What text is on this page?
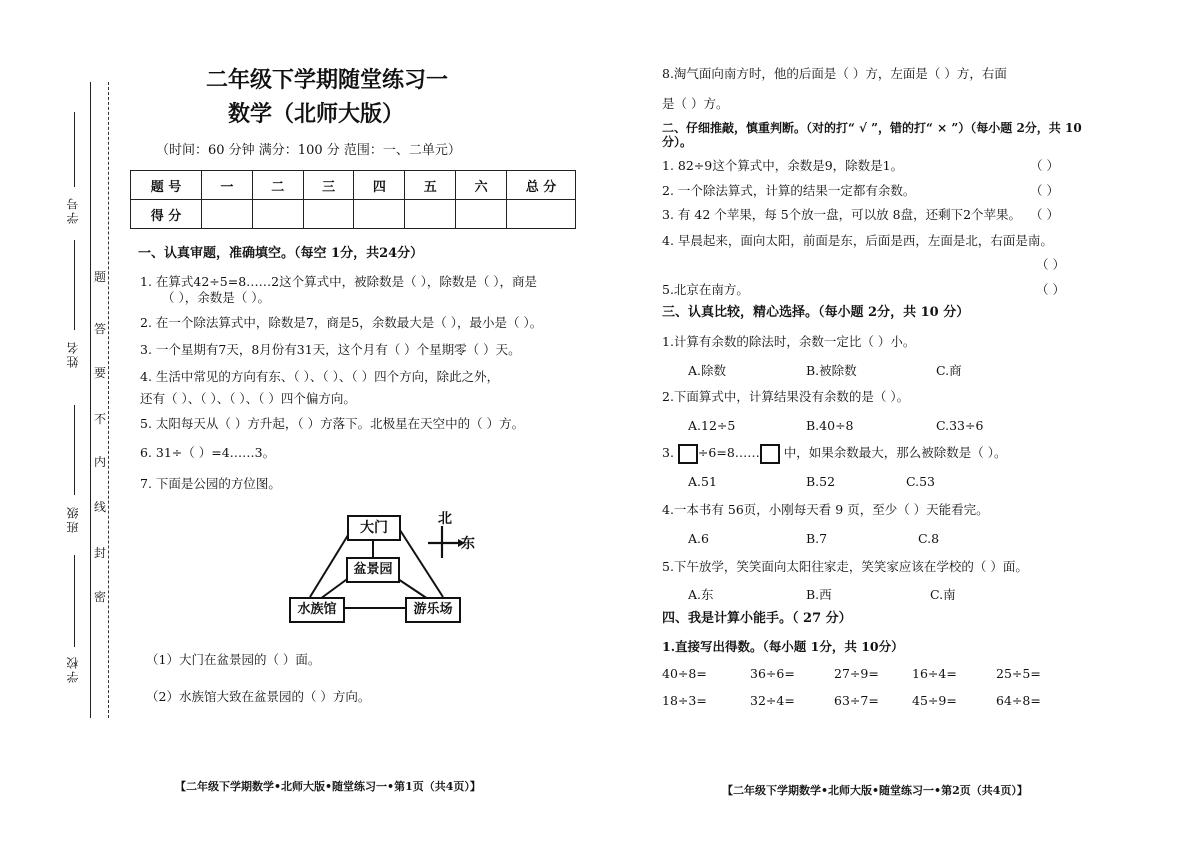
学号
姓名
班级
学校
题
答
要
不
内
线
封
密
二年级下学期随堂练习一
数学（北师大版）
（时间：60 分钟 满分：100 分 范围：一、二单元）
题 号	一	二	三	四	五	六	总 分
得 分							
一、认真审题，准确填空。（每空 1分，共24分）
1. 在算式42÷5=8……2这个算式中，被除数是（ ），除数是（ ），商是
（ ），余数是（ ）。
2. 在一个除法算式中，除数是7，商是5，余数最大是（ ），最小是（ ）。
3. 一个星期有7天，8月份有31天，这个月有（ ）个星期零（ ）天。
4. 生活中常见的方向有东、（ ）、（ ）、（ ）四个方向，除此之外，
还有（ ）、（ ）、（ ）、（ ）四个偏方向。
5. 太阳每天从（ ）方升起，（ ）方落下。北极星在天空中的（ ）方。
6. 31÷（ ）=4……3。
7. 下面是公园的方位图。
大门
盆景园
水族馆	游乐场
北
东
（1）大门在盆景园的（ ）面。
（2）水族馆大致在盆景园的（ ）方向。
【二年级下学期数学•北师大版•随堂练习一•第1页（共4页）】
8.淘气面向南方时，他的后面是（ ）方，左面是（ ）方，右面
是（ ）方。
二、仔细推敲，慎重判断。（对的打“ √ ”，错的打“ × ”）（每小题 2分，共 10
分）。
1. 82÷9这个算式中，余数是9，除数是1。	（ ）
2. 一个除法算式，计算的结果一定都有余数。	（ ）
3. 有 42 个苹果，每 5个放一盘，可以放 8盘，还剩下2个苹果。 （ ）
4. 早晨起来，面向太阳，前面是东，后面是西，左面是北，右面是南。
（ ）
5.北京在南方。	（ ）
三、认真比较，精心选择。（每小题 2分，共 10 分）
1.计算有余数的除法时，余数一定比（ ）小。
A.除数	B.被除数	C.商
2.下面算式中，计算结果没有余数的是（ ）。
A.12÷5	B.40÷8	C.33÷6
3. ÷6=8…… 中，如果余数最大，那么被除数是（ ）。
A.51	B.52	C.53
4.一本书有 56页，小刚每天看 9 页，至少（ ）天能看完。
A.6	B.7	C.8
5.下午放学，笑笑面向太阳往家走，笑笑家应该在学校的（ ）面。
A.东	B.西	C.南
四、我是计算小能手。（ 27 分）
1.直接写出得数。（每小题 1分，共 10分）
40÷8=	36÷6=	27÷9=	16÷4=	25÷5=
18÷3=	32÷4=	63÷7=	45÷9=	64÷8=
【二年级下学期数学•北师大版•随堂练习一•第2页（共4页）】
